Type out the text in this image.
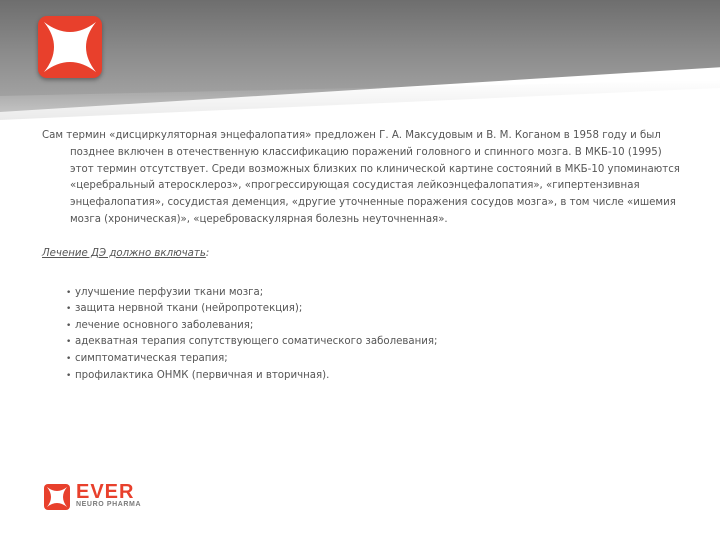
Сам термин «дисциркуляторная энцефалопатия» предложен Г. А. Максудовым и В. М. Коганом в 1958 году и был позднее включен в отечественную классификацию поражений головного и спинного мозга. В МКБ-10 (1995) этот термин отсутствует. Среди возможных близких по клинической картине состояний в МКБ-10 упоминаются «церебральный атеросклероз», «прогрессирующая сосудистая лейкоэнцефалопатия», «гипертензивная энцефалопатия», сосудистая деменция, «другие уточненные поражения сосудов мозга», в том числе «ишемия мозга (хроническая)», «цереброваскулярная болезнь неуточненная».

Лечение ДЭ должно включать:

• улучшение перфузии ткани мозга;
• защита нервной ткани (нейропротекция);
• лечение основного заболевания;
• адекватная терапия сопутствующего соматического заболевания;
• симптоматическая терапия;
• профилактика ОНМК (первичная и вторичная).
EVER
NEURO PHARMA
